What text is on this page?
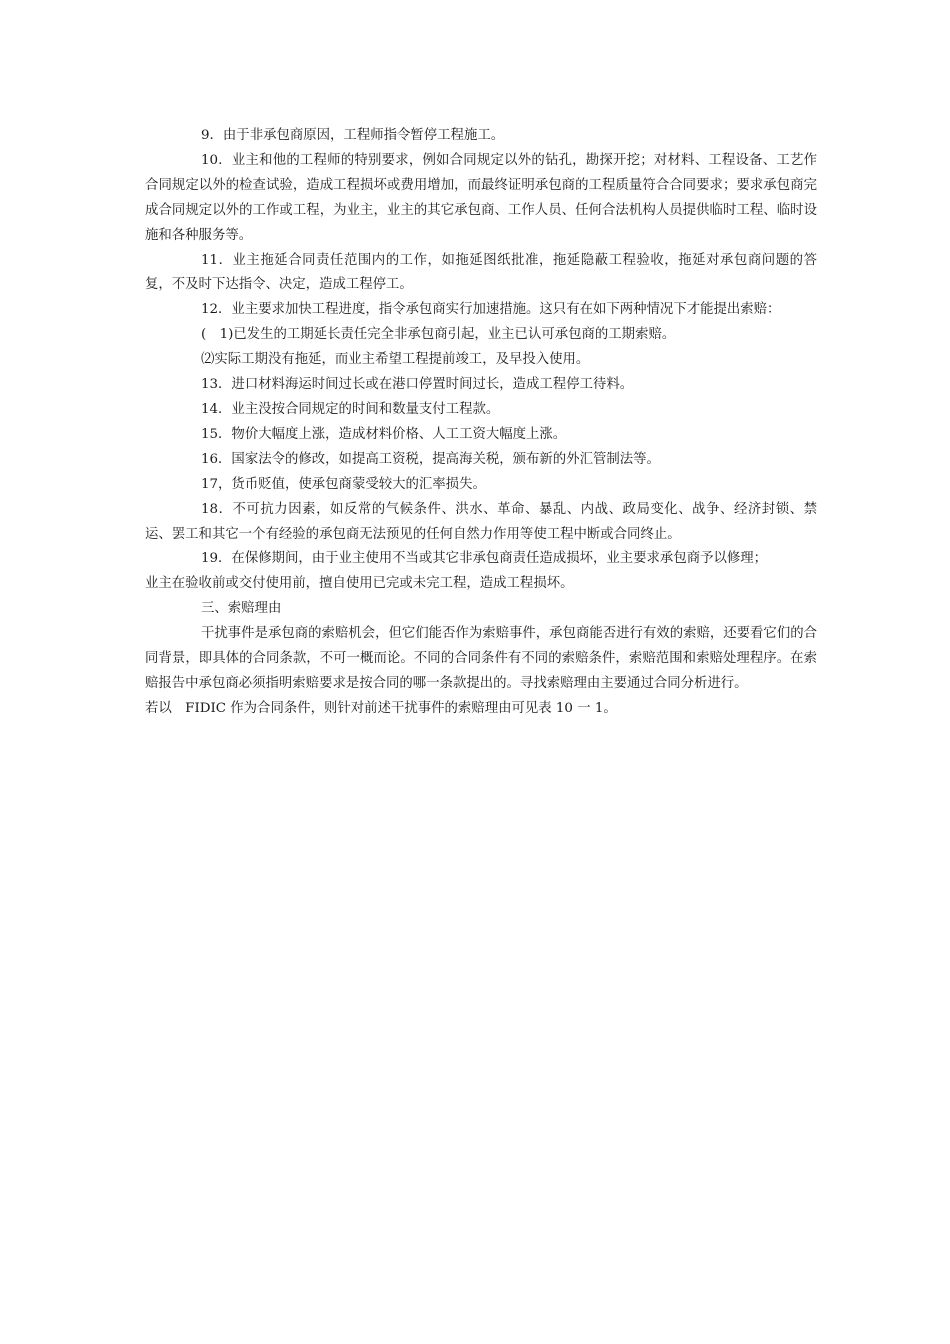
9．由于非承包商原因，工程师指令暂停工程施工。

10．业主和他的工程师的特别要求，例如合同规定以外的钻孔，勘探开挖；对材料、工程设备、工艺作合同规定以外的检查试验，造成工程损坏或费用增加，而最终证明承包商的工程质量符合合同要求；要求承包商完成合同规定以外的工作或工程，为业主，业主的其它承包商、工作人员、任何合法机构人员提供临时工程、临时设施和各种服务等。

11．业主拖延合同责任范围内的工作，如拖延图纸批准，拖延隐蔽工程验收，拖延对承包商问题的答复，不及时下达指令、决定，造成工程停工。

12．业主要求加快工程进度，指令承包商实行加速措施。这只有在如下两种情况下才能提出索赔：

(　1)已发生的工期延长责任完全非承包商引起，业主已认可承包商的工期索赔。

⑵实际工期没有拖延，而业主希望工程提前竣工，及早投入使用。

13．进口材料海运时间过长或在港口停置时间过长，造成工程停工待料。

14．业主没按合同规定的时间和数量支付工程款。

15．物价大幅度上涨，造成材料价格、人工工资大幅度上涨。

16．国家法令的修改，如提高工资税，提高海关税，颁布新的外汇管制法等。

17，货币贬值，使承包商蒙受较大的汇率损失。

18．不可抗力因素，如反常的气候条件、洪水、革命、暴乱、内战、政局变化、战争、经济封锁、禁运、罢工和其它一个有经验的承包商无法预见的任何自然力作用等使工程中断或合同终止。

19．在保修期间，由于业主使用不当或其它非承包商责任造成损坏，业主要求承包商予以修理；

业主在验收前或交付使用前，擅自使用已完或未完工程，造成工程损坏。

三、索赔理由

干扰事件是承包商的索赔机会，但它们能否作为索赔事件，承包商能否进行有效的索赔，还要看它们的合同背景，即具体的合同条款，不可一概而论。不同的合同条件有不同的索赔条件，索赔范围和索赔处理程序。在索赔报告中承包商必须指明索赔要求是按合同的哪一条款提出的。寻找索赔理由主要通过合同分析进行。

若以　FIDIC 作为合同条件，则针对前述干扰事件的索赔理由可见表 10 一 1。
